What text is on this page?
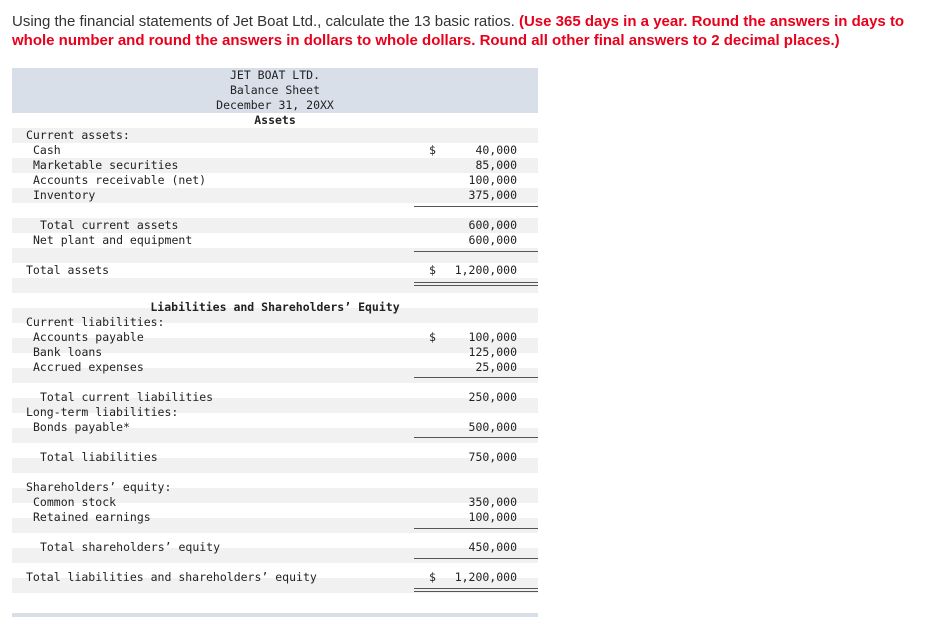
Using the financial statements of Jet Boat Ltd., calculate the 13 basic ratios. (Use 365 days in a year. Round the answers in days to whole number and round the answers in dollars to whole dollars. Round all other final answers to 2 decimal places.)
JET BOAT LTD.
Balance Sheet
December 31, 20XX
Assets
Current assets:
Cash	$	40,000
Marketable securities	85,000
Accounts receivable (net)	100,000
Inventory	375,000
Total current assets	600,000
Net plant and equipment	600,000
Total assets	$	1,200,000
Liabilities and Shareholders’ Equity
Current liabilities:
Accounts payable	$	100,000
Bank loans	125,000
Accrued expenses	25,000
Total current liabilities	250,000
Long-term liabilities:
Bonds payable*	500,000
Total liabilities	750,000
Shareholders’ equity:
Common stock	350,000
Retained earnings	100,000
Total shareholders’ equity	450,000
Total liabilities and shareholders’ equity	$	1,200,000
